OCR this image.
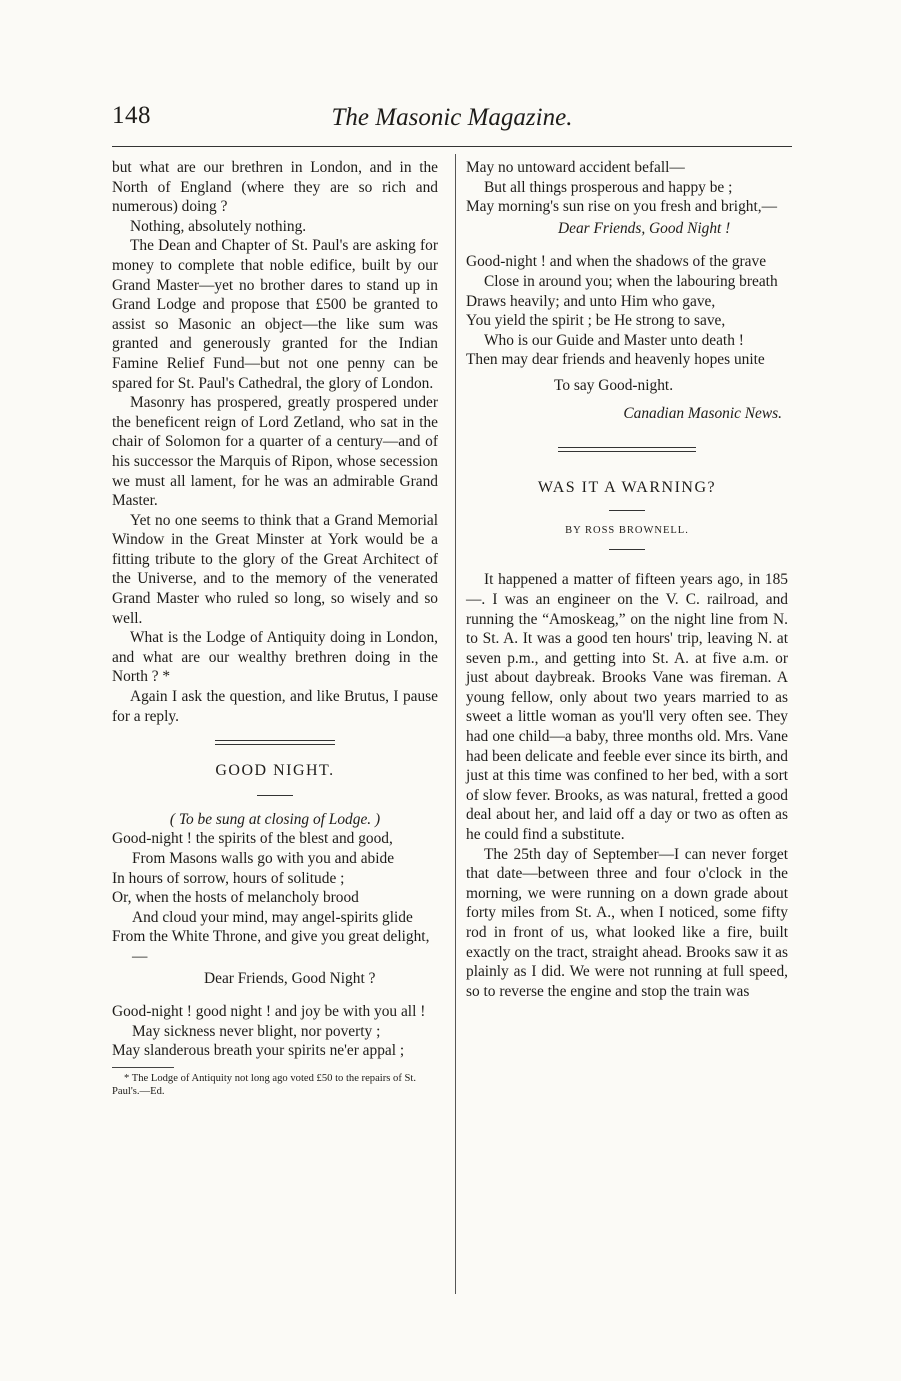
148	The Masonic Magazine.

but what are our brethren in London, and in the North of England (where they are so rich and numerous) doing ?

Nothing, absolutely nothing.

The Dean and Chapter of St. Paul's are asking for money to complete that noble edifice, built by our Grand Master—yet no brother dares to stand up in Grand Lodge and propose that £500 be granted to assist so Masonic an object—the like sum was granted and generously granted for the Indian Famine Relief Fund—but not one penny can be spared for St. Paul's Cathedral, the glory of London.

Masonry has prospered, greatly prospered under the beneficent reign of Lord Zetland, who sat in the chair of Solomon for a quarter of a century—and of his successor the Marquis of Ripon, whose secession we must all lament, for he was an admirable Grand Master.

Yet no one seems to think that a Grand Memorial Window in the Great Minster at York would be a fitting tribute to the glory of the Great Architect of the Universe, and to the memory of the venerated Grand Master who ruled so long, so wisely and so well.

What is the Lodge of Antiquity doing in London, and what are our wealthy brethren doing in the North ? *

Again I ask the question, and like Brutus, I pause for a reply.

GOOD NIGHT.

( To be sung at closing of Lodge. )

Good-night ! the spirits of the blest and good,

From Masons walls go with you and abide

In hours of sorrow, hours of solitude ;

Or, when the hosts of melancholy brood

And cloud your mind, may angel-spirits glide

From the White Throne, and give you great delight,—

Dear Friends, Good Night ?

Good-night ! good night ! and joy be with you all !

May sickness never blight, nor poverty ;

May slanderous breath your spirits ne'er appal ;

* The Lodge of Antiquity not long ago voted £50 to the repairs of St. Paul's.—Ed.

May no untoward accident befall—

But all things prosperous and happy be ;

May morning's sun rise on you fresh and bright,—

Dear Friends, Good Night !

Good-night ! and when the shadows of the grave

Close in around you; when the labouring breath

Draws heavily; and unto Him who gave,

You yield the spirit ; be He strong to save,

Who is our Guide and Master unto death !

Then may dear friends and heavenly hopes unite

To say Good-night.

Canadian Masonic News.

WAS IT A WARNING?

BY ROSS BROWNELL.

It happened a matter of fifteen years ago, in 185—. I was an engineer on the V. C. railroad, and running the “Amoskeag,” on the night line from N. to St. A. It was a good ten hours' trip, leaving N. at seven p.m., and getting into St. A. at five a.m. or just about daybreak. Brooks Vane was fireman. A young fellow, only about two years married to as sweet a little woman as you'll very often see. They had one child—a baby, three months old. Mrs. Vane had been delicate and feeble ever since its birth, and just at this time was confined to her bed, with a sort of slow fever. Brooks, as was natural, fretted a good deal about her, and laid off a day or two as often as he could find a substitute.

The 25th day of September—I can never forget that date—between three and four o'clock in the morning, we were running on a down grade about forty miles from St. A., when I noticed, some fifty rod in front of us, what looked like a fire, built exactly on the tract, straight ahead. Brooks saw it as plainly as I did. We were not running at full speed, so to reverse the engine and stop the train was
